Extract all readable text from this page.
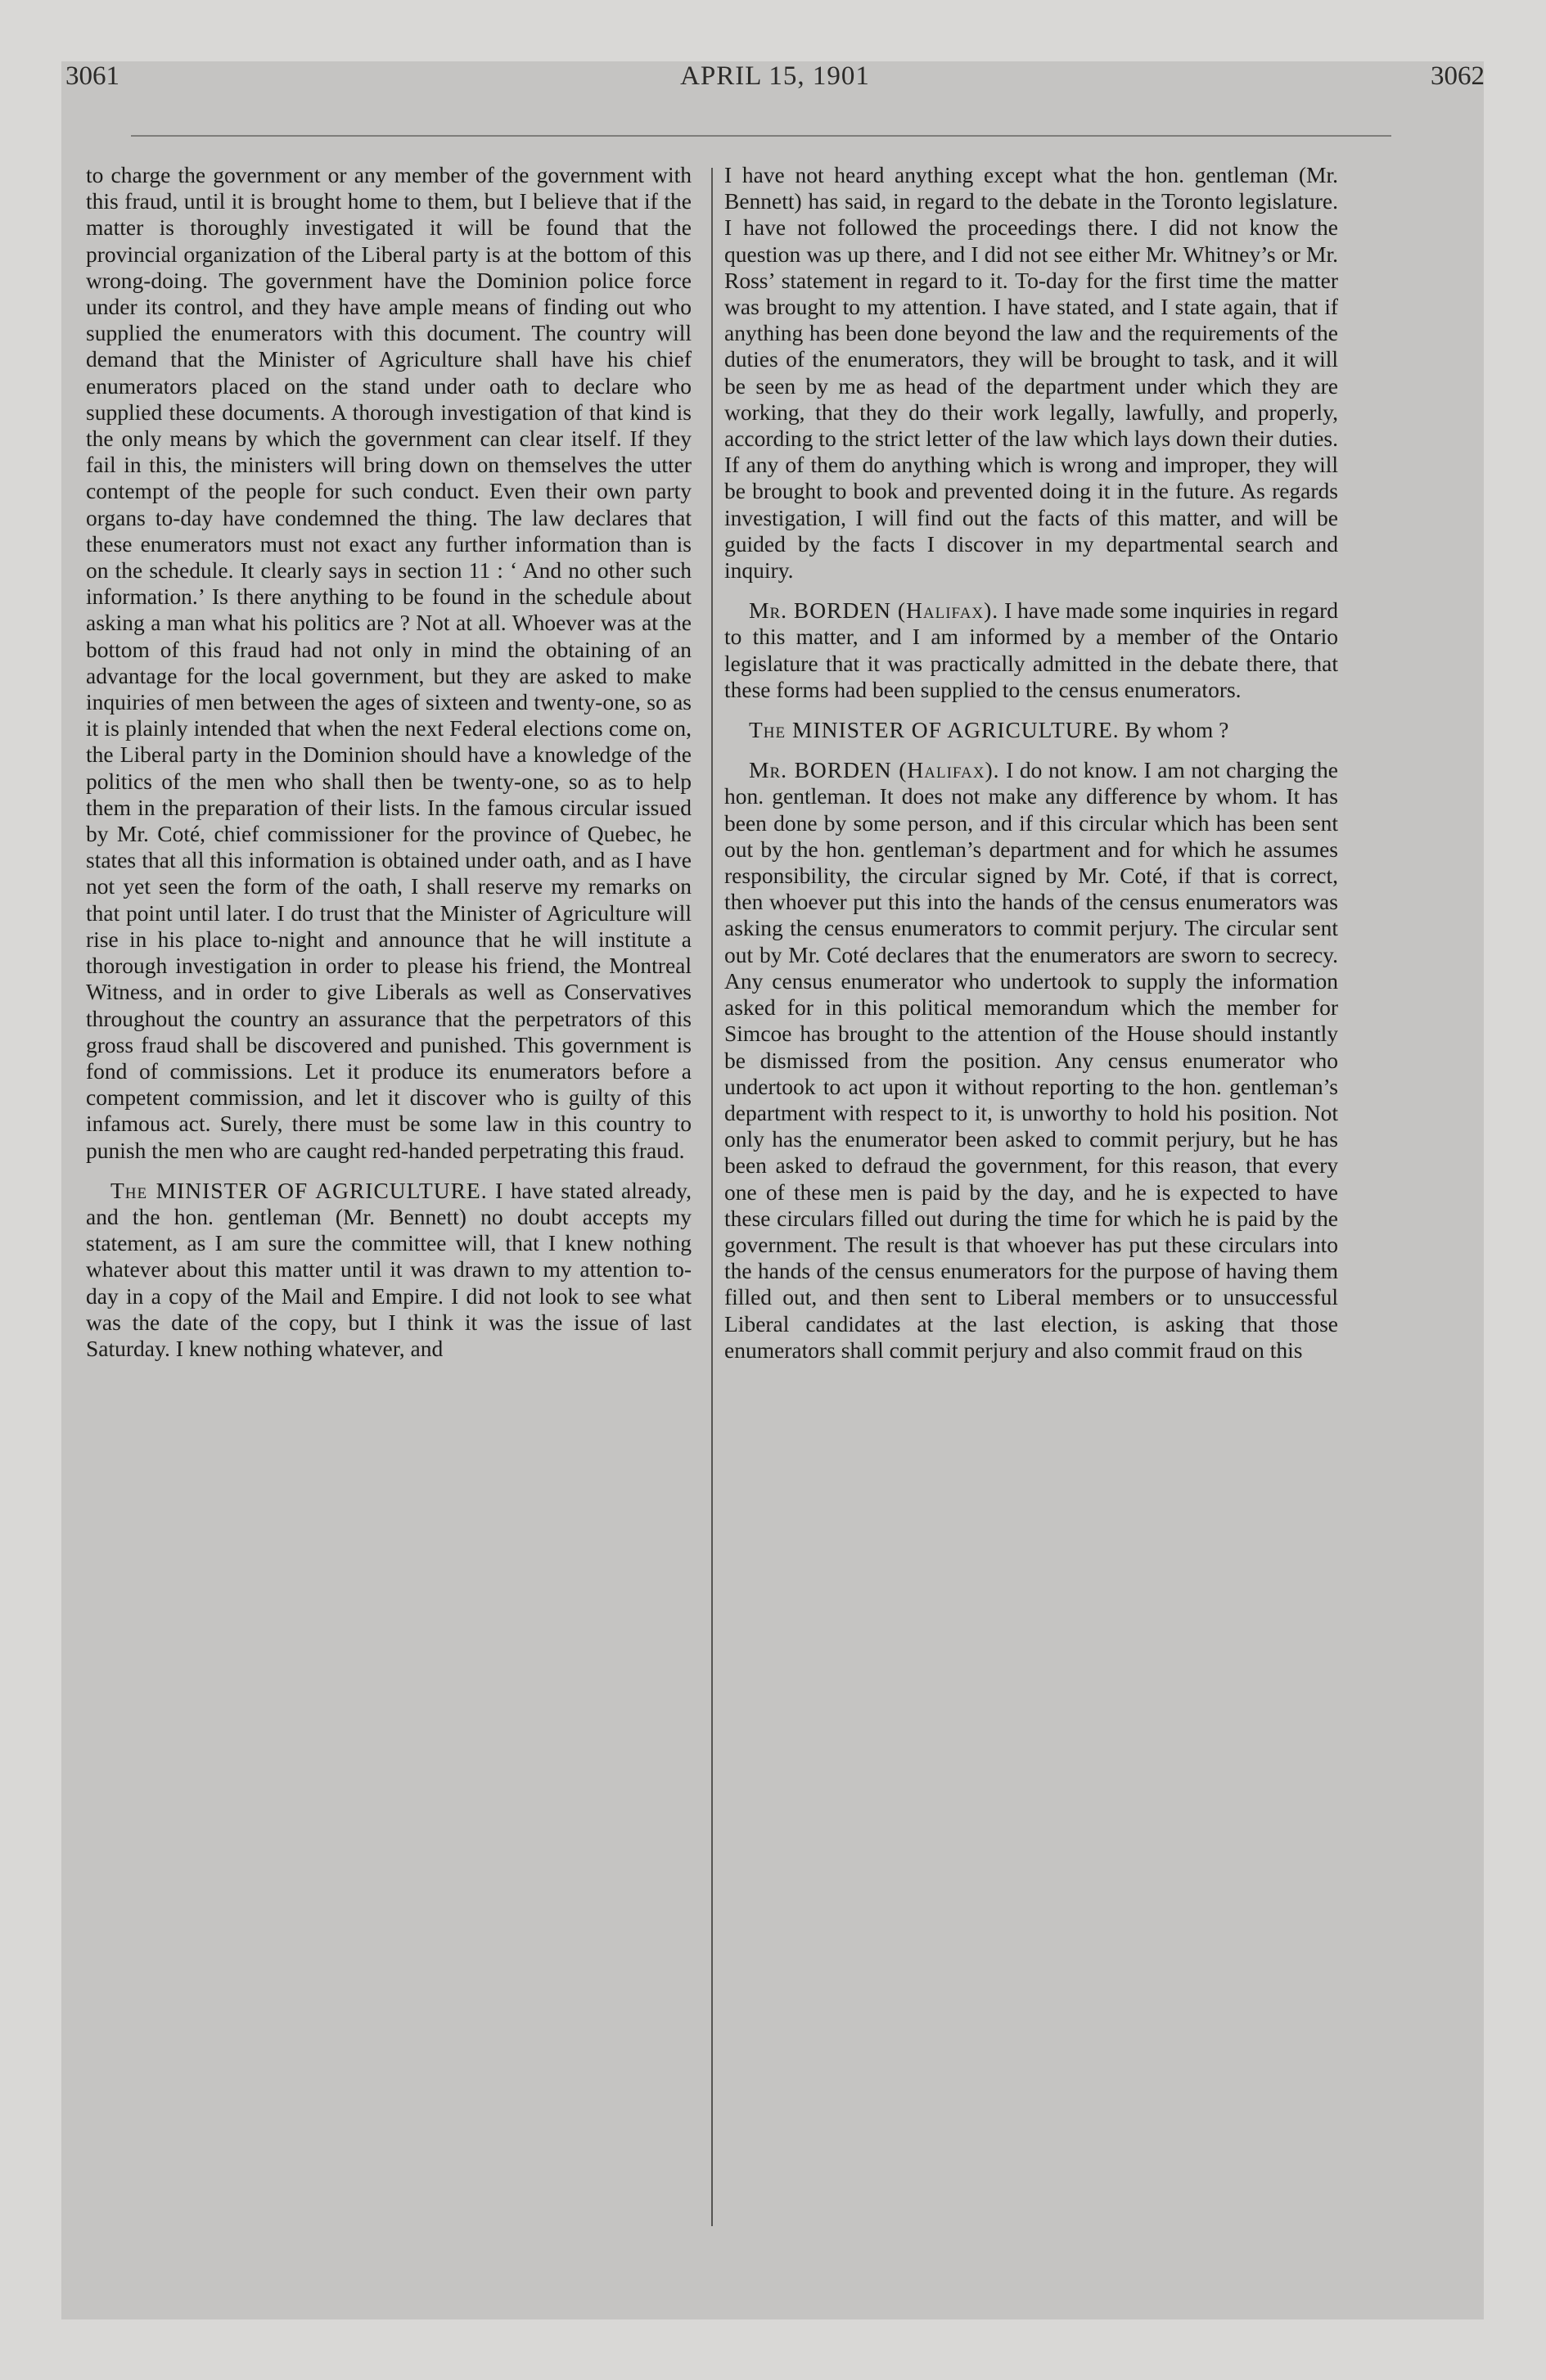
3061	APRIL 15, 1901	3062

to charge the government or any member of the government with this fraud, until it is brought home to them, but I believe that if the matter is thoroughly investigated it will be found that the provincial organization of the Liberal party is at the bottom of this wrong-doing. The government have the Dominion police force under its control, and they have ample means of finding out who supplied the enumerators with this document. The country will demand that the Minister of Agriculture shall have his chief enumerators placed on the stand under oath to declare who supplied these documents. A thorough investigation of that kind is the only means by which the government can clear itself. If they fail in this, the ministers will bring down on themselves the utter contempt of the people for such conduct. Even their own party organs to-day have condemned the thing. The law declares that these enumerators must not exact any further information than is on the schedule. It clearly says in section 11 : ‘ And no other such information.’ Is there anything to be found in the schedule about asking a man what his politics are ? Not at all. Whoever was at the bottom of this fraud had not only in mind the obtaining of an advantage for the local government, but they are asked to make inquiries of men between the ages of sixteen and twenty-one, so as it is plainly intended that when the next Federal elections come on, the Liberal party in the Dominion should have a knowledge of the politics of the men who shall then be twenty-one, so as to help them in the preparation of their lists. In the famous circular issued by Mr. Coté, chief commissioner for the province of Quebec, he states that all this information is obtained under oath, and as I have not yet seen the form of the oath, I shall reserve my remarks on that point until later. I do trust that the Minister of Agriculture will rise in his place to-night and announce that he will institute a thorough investigation in order to please his friend, the Montreal Witness, and in order to give Liberals as well as Conservatives throughout the country an assurance that the perpetrators of this gross fraud shall be discovered and punished. This government is fond of commissions. Let it produce its enumerators before a competent commission, and let it discover who is guilty of this infamous act. Surely, there must be some law in this country to punish the men who are caught red-handed perpetrating this fraud.

The MINISTER OF AGRICULTURE. I have stated already, and the hon. gentleman (Mr. Bennett) no doubt accepts my statement, as I am sure the committee will, that I knew nothing whatever about this matter until it was drawn to my attention to-day in a copy of the Mail and Empire. I did not look to see what was the date of the copy, but I think it was the issue of last Saturday. I knew nothing whatever, and

I have not heard anything except what the hon. gentleman (Mr. Bennett) has said, in regard to the debate in the Toronto legislature. I have not followed the proceedings there. I did not know the question was up there, and I did not see either Mr. Whitney’s or Mr. Ross’ statement in regard to it. To-day for the first time the matter was brought to my attention. I have stated, and I state again, that if anything has been done beyond the law and the requirements of the duties of the enumerators, they will be brought to task, and it will be seen by me as head of the department under which they are working, that they do their work legally, lawfully, and properly, according to the strict letter of the law which lays down their duties. If any of them do anything which is wrong and improper, they will be brought to book and prevented doing it in the future. As regards investigation, I will find out the facts of this matter, and will be guided by the facts I discover in my departmental search and inquiry.

Mr. BORDEN (Halifax). I have made some inquiries in regard to this matter, and I am informed by a member of the Ontario legislature that it was practically admitted in the debate there, that these forms had been supplied to the census enumerators.

The MINISTER OF AGRICULTURE. By whom ?

Mr. BORDEN (Halifax). I do not know. I am not charging the hon. gentleman. It does not make any difference by whom. It has been done by some person, and if this circular which has been sent out by the hon. gentleman’s department and for which he assumes responsibility, the circular signed by Mr. Coté, if that is correct, then whoever put this into the hands of the census enumerators was asking the census enumerators to commit perjury. The circular sent out by Mr. Coté declares that the enumerators are sworn to secrecy. Any census enumerator who undertook to supply the information asked for in this political memorandum which the member for Simcoe has brought to the attention of the House should instantly be dismissed from the position. Any census enumerator who undertook to act upon it without reporting to the hon. gentleman’s department with respect to it, is unworthy to hold his position. Not only has the enumerator been asked to commit perjury, but he has been asked to defraud the government, for this reason, that every one of these men is paid by the day, and he is expected to have these circulars filled out during the time for which he is paid by the government. The result is that whoever has put these circulars into the hands of the census enumerators for the purpose of having them filled out, and then sent to Liberal members or to unsuccessful Liberal candidates at the last election, is asking that those enumerators shall commit perjury and also commit fraud on this
